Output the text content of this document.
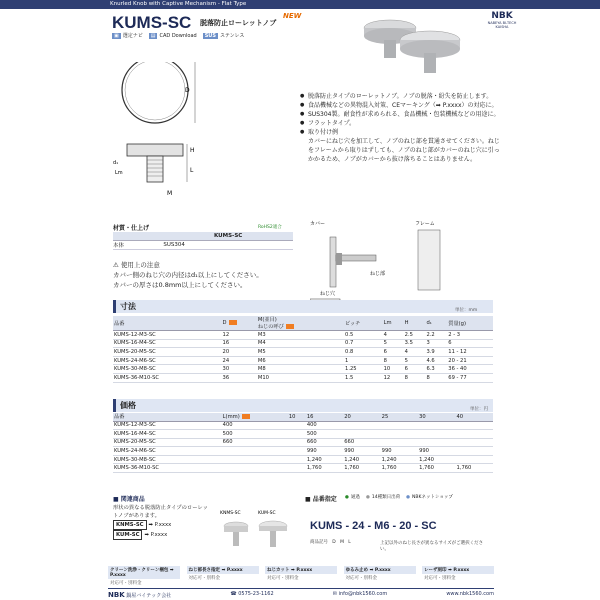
Knurled Knob with Captive Mechanism - Flat Type
KUMS-SC 脱落防止ローレットノブ
NEW
▣ 選定ナビ	▤ CAD Download	SUS ステンレス
NBK
NABEYA BI-TECH KAISHA
D
H
L
d₁
Lm
M
● 脱落防止タイプのローレットノブ。ノブの脱落・紛失を防止します。
● 食品機械などの異物混入対策、CEマーキング（➡ P.xxxx）の対応に。
● SUS304製。耐食性が求められる、食品機械・包装機械などの用途に。
● フラットタイプ。
● 取り付け例
カバーにねじ穴を加工して、ノブのねじ部を貫通させてください。ねじをフレームから取りはずしても、ノブのねじ部がカバーのねじ穴に引っかかるため、ノブがカバーから抜け落ちることはありません。
材質・仕上げ	RoHS2適合
	KUMS-SC
本体	SUS304
⚠ 使用上の注意
カバー側のねじ穴の内径はd₁以上にしてください。
カバーの厚さは0.8mm以上にしてください。
カバー	フレーム
ねじ穴
ねじ部
寸法	単位：mm
品番	D	M(並目)
ねじの呼び	ピッチ	Lm	H	d₁	質量(g)
KUMS-12-M3-SC	12	M3	0.5	4	2.5	2.2	2 - 3
KUMS-16-M4-SC	16	M4	0.7	5	3.5	3	6
KUMS-20-M5-SC	20	M5	0.8	6	4	3.9	11 - 12
KUMS-24-M6-SC	24	M6	1	8	5	4.6	20 - 21
KUMS-30-M8-SC	30	M8	1.25	10	6	6.3	36 - 40
KUMS-36-M10-SC	36	M10	1.5	12	8	8	69 - 77
価格	単位：円
品番	L(mm)	10	16	20	25	30	40
KUMS-12-M3-SC	400		400				
KUMS-16-M4-SC	500		500				
KUMS-20-M5-SC	660		660	660			
KUMS-24-M6-SC			990	990	990	990	
KUMS-30-M8-SC			1,240	1,240	1,240	1,240	
KUMS-36-M10-SC			1,760	1,760	1,760	1,760	1,760
■ 関連商品
形状の異なる脱落防止タイプのローレットノブがあります。
KNMS-SC ➡ P.xxxx
KUM-SC ➡ P.xxxx
KNMS-SC	KUM-SC
■ 品番指定 ● 通過 ● 14種類日出荷 ● NBKネットショップ
KUMS - 24 - M6 - 20 - SC
商品記号 D M L	上記以外のねじ長さが異なるサイズがご選択ください。
クリーン洗浄・クリーン梱包 ➡ P.xxxx
対応可・別料金
ねじ部長さ指定 ➡ P.xxxx
対応可・別料金
ねじカット ➡ P.xxxx
対応可・別料金
ゆるみ止め ➡ P.xxxx
対応可・別料金
レーザ刻印 ➡ P.xxxx
対応可・別料金
NBK 鍋屋バイテック会社	☎ 0575-23-1162	✉ info@nbk1560.com	www.nbk1560.com
